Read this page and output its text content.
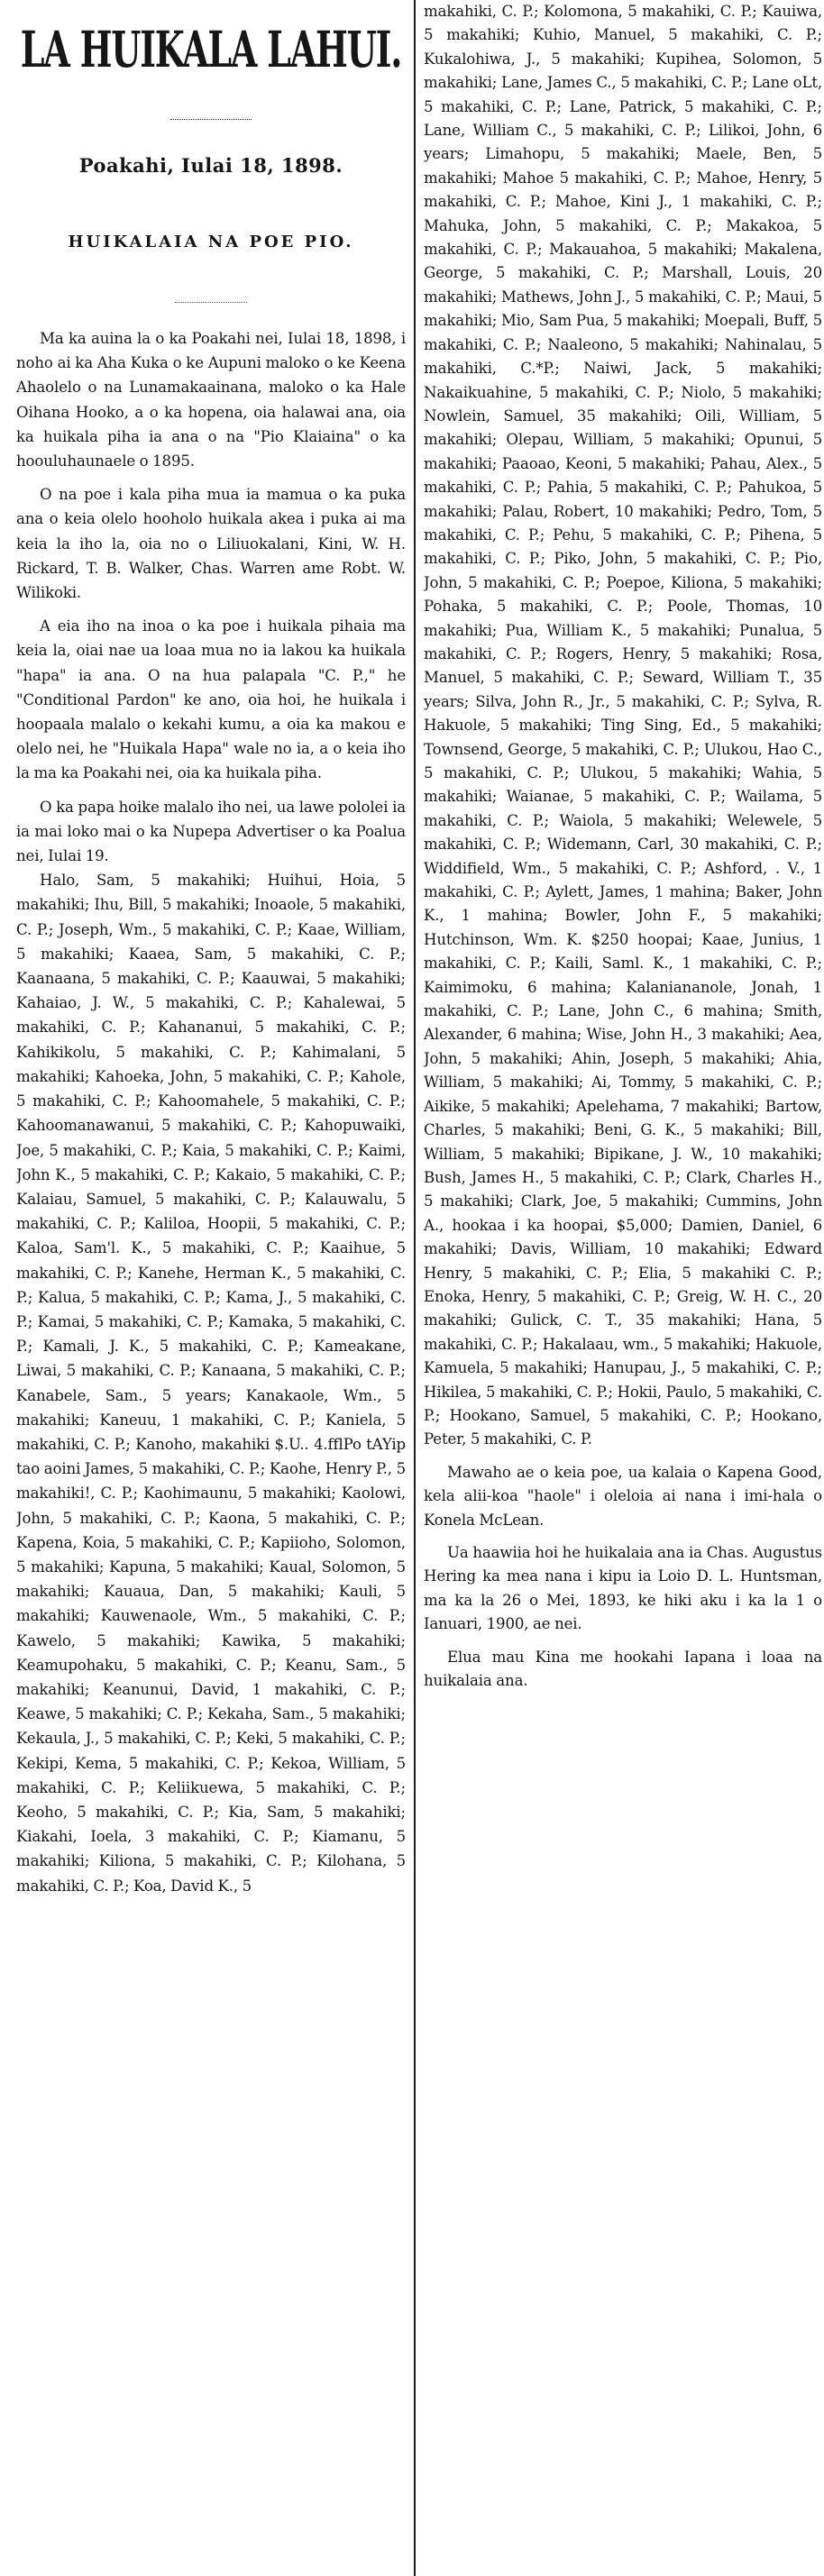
LA HUIKALA LAHUI.
Poakahi, Iulai 18, 1898.
HUIKALAIA NA POE PIO.

Ma ka auina la o ka Poakahi nei, Iulai 18, 1898, i noho ai ka Aha Kuka o ke Aupuni maloko o ke Keena Ahaolelo o na Lunamakaainana, maloko o ka Hale Oihana Hooko, a o ka hopena, oia halawai ana, oia ka huikala piha ia ana o na "Pio Klaiaina" o ka hoouluhaunaele o 1895.

O na poe i kala piha mua ia mamua o ka puka ana o keia olelo hooholo huikala akea i puka ai ma keia la iho la, oia no o Liliuokalani, Kini, W. H. Rickard, T. B. Walker, Chas. Warren ame Robt. W. Wilikoki.

A eia iho na inoa o ka poe i huikala pihaia ma keia la, oiai nae ua loaa mua no ia lakou ka huikala "hapa" ia ana. O na hua palapala "C. P.," he "Conditional Pardon" ke ano, oia hoi, he huikala i hoopaala malalo o kekahi kumu, a oia ka makou e olelo nei, he "Huikala Hapa" wale no ia, a o keia iho la ma ka Poakahi nei, oia ka huikala piha.

O ka papa hoike malalo iho nei, ua lawe pololei ia ia mai loko mai o ka Nupepa Advertiser o ka Poalua nei, Iulai 19.

Halo, Sam, 5 makahiki; Huihui, Hoia, 5 makahiki; Ihu, Bill, 5 makahiki; Inoaole, 5 makahiki, C. P.; Joseph, Wm., 5 makahiki, C. P.; Kaae, William, 5 makahiki; Kaaea, Sam, 5 makahiki, C. P.; Kaanaana, 5 makahiki, C. P.; Kaauwai, 5 makahiki; Kahaiao, J. W., 5 makahiki, C. P.; Kahalewai, 5 makahiki, C. P.; Kahananui, 5 makahiki, C. P.; Kahikikolu, 5 makahiki, C. P.; Kahimalani, 5 makahiki; Kahoeka, John, 5 makahiki, C. P.; Kahole, 5 makahiki, C. P.; Kahoomahele, 5 makahiki, C. P.; Kahoomanawanui, 5 makahiki, C. P.; Kahopuwaiki, Joe, 5 makahiki, C. P.; Kaia, 5 makahiki, C. P.; Kaimi, John K., 5 makahiki, C. P.; Kakaio, 5 makahiki, C. P.; Kalaiau, Samuel, 5 makahiki, C. P.; Kalauwalu, 5 makahiki, C. P.; Kaliloa, Hoopii, 5 makahiki, C. P.; Kaloa, Sam'l. K., 5 makahiki, C. P.; Kaaihue, 5 makahiki, C. P.; Kanehe, Herman K., 5 makahiki, C. P.; Kalua, 5 makahiki, C. P.; Kama, J., 5 makahiki, C. P.; Kamai, 5 makahiki, C. P.; Kamaka, 5 makahiki, C. P.; Kamali, J. K., 5 makahiki, C. P.; Kameakane, Liwai, 5 makahiki, C. P.; Kanaana, 5 makahiki, C. P.; Kanabele, Sam., 5 years; Kanakaole, Wm., 5 makahiki; Kaneuu, 1 makahiki, C. P.; Kaniela, 5 makahiki, C. P.; Kanoho, makahiki $.U.. 4.fflPo tAYip tao aoini James, 5 makahiki, C. P.; Kaohe, Henry P., 5 makahiki!, C. P.; Kaohimaunu, 5 makahiki; Kaolowi, John, 5 makahiki, C. P.; Kaona, 5 makahiki, C. P.; Kapena, Koia, 5 makahiki, C. P.; Kapiioho, Solomon, 5 makahiki; Kapuna, 5 makahiki; Kaual, Solomon, 5 makahiki; Kauaua, Dan, 5 makahiki; Kauli, 5 makahiki; Kauwenaole, Wm., 5 makahiki, C. P.; Kawelo, 5 makahiki; Kawika, 5 makahiki; Keamupohaku, 5 makahiki, C. P.; Keanu, Sam., 5 makahiki; Keanunui, David, 1 makahiki, C. P.; Keawe, 5 makahiki; C. P.; Kekaha, Sam., 5 makahiki; Kekaula, J., 5 makahiki, C. P.; Keki, 5 makahiki, C. P.; Kekipi, Kema, 5 makahiki, C. P.; Kekoa, William, 5 makahiki, C. P.; Keliikuewa, 5 makahiki, C. P.; Keoho, 5 makahiki, C. P.; Kia, Sam, 5 makahiki; Kiakahi, Ioela, 3 makahiki, C. P.; Kiamanu, 5 makahiki; Kiliona, 5 makahiki, C. P.; Kilohana, 5 makahiki, C. P.; Koa, David K., 5

makahiki, C. P.; Kolomona, 5 makahiki, C. P.; Kauiwa, 5 makahiki; Kuhio, Manuel, 5 makahiki, C. P.; Kukalohiwa, J., 5 makahiki; Kupihea, Solomon, 5 makahiki; Lane, James C., 5 makahiki, C. P.; Lane oLt, 5 makahiki, C. P.; Lane, Patrick, 5 makahiki, C. P.; Lane, William C., 5 makahiki, C. P.; Lilikoi, John, 6 years; Limahopu, 5 makahiki; Maele, Ben, 5 makahiki; Mahoe 5 makahiki, C. P.; Mahoe, Henry, 5 makahiki, C. P.; Mahoe, Kini J., 1 makahiki, C. P.; Mahuka, John, 5 makahiki, C. P.; Makakoa, 5 makahiki, C. P.; Makauahoa, 5 makahiki; Makalena, George, 5 makahiki, C. P.; Marshall, Louis, 20 makahiki; Mathews, John J., 5 makahiki, C. P.; Maui, 5 makahiki; Mio, Sam Pua, 5 makahiki; Moepali, Buff, 5 makahiki, C. P.; Naaleono, 5 makahiki; Nahinalau, 5 makahiki, C.*P.; Naiwi, Jack, 5 makahiki; Nakaikuahine, 5 makahiki, C. P.; Niolo, 5 makahiki; Nowlein, Samuel, 35 makahiki; Oili, William, 5 makahiki; Olepau, William, 5 makahiki; Opunui, 5 makahiki; Paaoao, Keoni, 5 makahiki; Pahau, Alex., 5 makahiki, C. P.; Pahia, 5 makahiki, C. P.; Pahukoa, 5 makahiki; Palau, Robert, 10 makahiki; Pedro, Tom, 5 makahiki, C. P.; Pehu, 5 makahiki, C. P.; Pihena, 5 makahiki, C. P.; Piko, John, 5 makahiki, C. P.; Pio, John, 5 makahiki, C. P.; Poepoe, Kiliona, 5 makahiki; Pohaka, 5 makahiki, C. P.; Poole, Thomas, 10 makahiki; Pua, William K., 5 makahiki; Punalua, 5 makahiki, C. P.; Rogers, Henry, 5 makahiki; Rosa, Manuel, 5 makahiki, C. P.; Seward, William T., 35 years; Silva, John R., Jr., 5 makahiki, C. P.; Sylva, R. Hakuole, 5 makahiki; Ting Sing, Ed., 5 makahiki; Townsend, George, 5 makahiki, C. P.; Ulukou, Hao C., 5 makahiki, C. P.; Ulukou, 5 makahiki; Wahia, 5 makahiki; Waianae, 5 makahiki, C. P.; Wailama, 5 makahiki, C. P.; Waiola, 5 makahiki; Welewele, 5 makahiki, C. P.; Widemann, Carl, 30 makahiki, C. P.; Widdifield, Wm., 5 makahiki, C. P.; Ashford, . V., 1 makahiki, C. P.; Aylett, James, 1 mahina; Baker, John K., 1 mahina; Bowler, John F., 5 makahiki; Hutchinson, Wm. K. $250 hoopai; Kaae, Junius, 1 makahiki, C. P.; Kaili, Saml. K., 1 makahiki, C. P.; Kaimimoku, 6 mahina; Kalaniananole, Jonah, 1 makahiki, C. P.; Lane, John C., 6 mahina; Smith, Alexander, 6 mahina; Wise, John H., 3 makahiki; Aea, John, 5 makahiki; Ahin, Joseph, 5 makahiki; Ahia, William, 5 makahiki; Ai, Tommy, 5 makahiki, C. P.; Aikike, 5 makahiki; Apelehama, 7 makahiki; Bartow, Charles, 5 makahiki; Beni, G. K., 5 makahiki; Bill, William, 5 makahiki; Bipikane, J. W., 10 makahiki; Bush, James H., 5 makahiki, C. P.; Clark, Charles H., 5 makahiki; Clark, Joe, 5 makahiki; Cummins, John A., hookaa i ka hoopai, $5,000; Damien, Daniel, 6 makahiki; Davis, William, 10 makahiki; Edward Henry, 5 makahiki, C. P.; Elia, 5 makahiki C. P.; Enoka, Henry, 5 makahiki, C. P.; Greig, W. H. C., 20 makahiki; Gulick, C. T., 35 makahiki; Hana, 5 makahiki, C. P.; Hakalaau, wm., 5 makahiki; Hakuole, Kamuela, 5 makahiki; Hanupau, J., 5 makahiki, C. P.; Hikilea, 5 makahiki, C. P.; Hokii, Paulo, 5 makahiki, C. P.; Hookano, Samuel, 5 makahiki, C. P.; Hookano, Peter, 5 makahiki, C. P.

Mawaho ae o keia poe, ua kalaia o Kapena Good, kela alii-koa "haole" i oleloia ai nana i imi-hala o Konela McLean.

Ua haawiia hoi he huikalaia ana ia Chas. Augustus Hering ka mea nana i kipu ia Loio D. L. Huntsman, ma ka la 26 o Mei, 1893, ke hiki aku i ka la 1 o Ianuari, 1900, ae nei.

Elua mau Kina me hookahi Iapana i loaa na huikalaia ana.
